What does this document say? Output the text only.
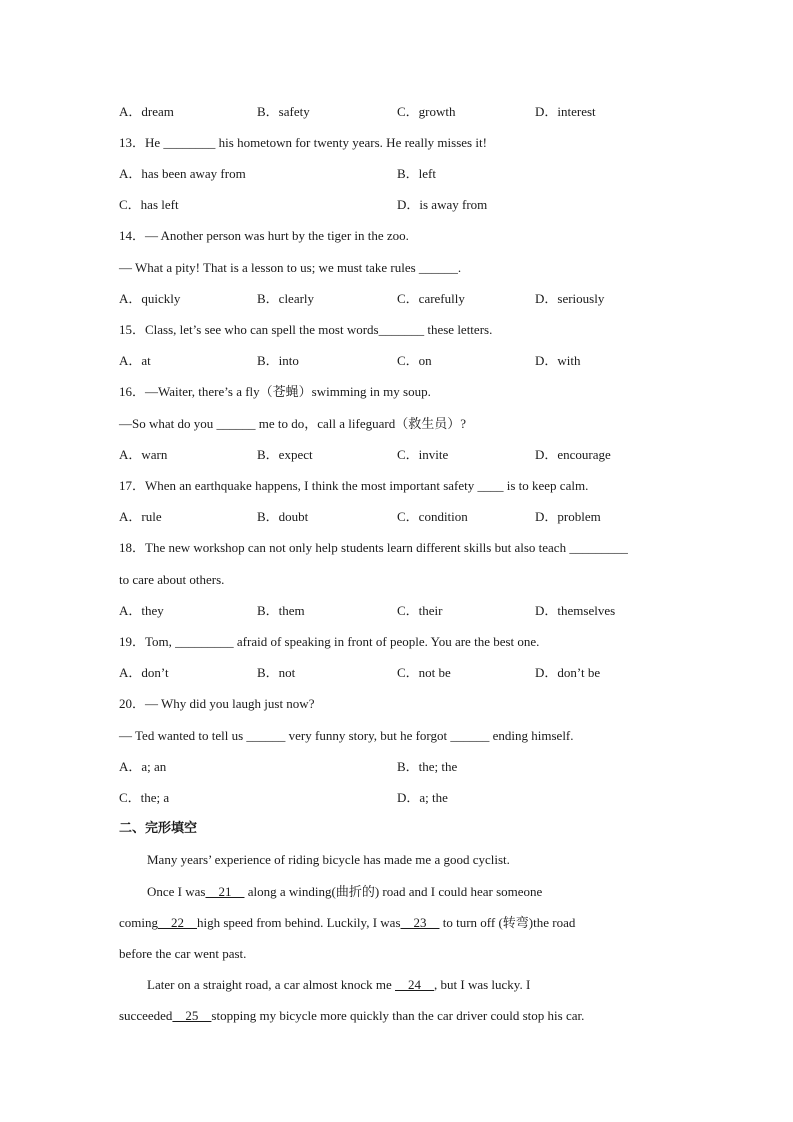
A．dream	B．safety	C．growth	D．interest
13．He ________ his hometown for twenty years. He really misses it!
A．has been away from	B．left
C．has left	D．is away from
14．— Another person was hurt by the tiger in the zoo.
— What a pity! That is a lesson to us; we must take rules ______.
A．quickly	B．clearly	C．carefully	D．seriously
15．Class, let’s see who can spell the most words_______ these letters.
A．at	B．into	C．on	D．with
16．—Waiter, there’s a fly（苍蝇）swimming in my soup.
—So what do you ______ me to do，call a lifeguard（救生员）?
A．warn	B．expect	C．invite	D．encourage
17．When an earthquake happens, I think the most important safety ____ is to keep calm.
A．rule	B．doubt	C．condition	D．problem
18．The new workshop can not only help students learn different skills but also teach _________
to care about others.
A．they	B．them	C．their	D．themselves
19．Tom, _________ afraid of speaking in front of people. You are the best one.
A．don’t	B．not	C．not be	D．don’t be
20．— Why did you laugh just now?
— Ted wanted to tell us ______ very funny story, but he forgot ______ ending himself.
A．a; an	B．the; the
C．the; a	D．a; the
二、完形填空
Many years’ experience of riding bicycle has made me a good cyclist.
Once I was    21     along a winding(曲折的) road and I could hear someone
coming    22    high speed from behind. Luckily, I was    23     to turn off (转弯)the road
before the car went past.
Later on a straight road, a car almost knock me     24    , but I was lucky. I
succeeded    25    stopping my bicycle more quickly than the car driver could stop his car.
